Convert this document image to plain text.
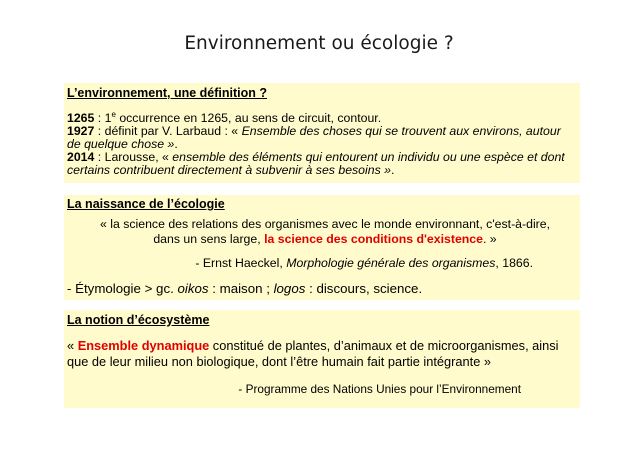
Environnement ou écologie ?
L’environnement, une définition ?
1265 : 1e occurrence en 1265, au sens de circuit, contour.
1927 : définit par V. Larbaud : « Ensemble des choses qui se trouvent aux environs, autour de quelque chose ».
2014 : Larousse, « ensemble des éléments qui entourent un individu ou une espèce et dont certains contribuent directement à subvenir à ses besoins ».
La naissance de l’écologie
« la science des relations des organismes avec le monde environnant, c'est-à-dire, dans un sens large, la science des conditions d'existence. »
- Ernst Haeckel, Morphologie générale des organismes, 1866.
- Étymologie > gc. oikos : maison ; logos : discours, science.
La notion d’écosystème
« Ensemble dynamique constitué de plantes, d’animaux et de microorganismes, ainsi que de leur milieu non biologique, dont l’être humain fait partie intégrante »
- Programme des Nations Unies pour l’Environnement
